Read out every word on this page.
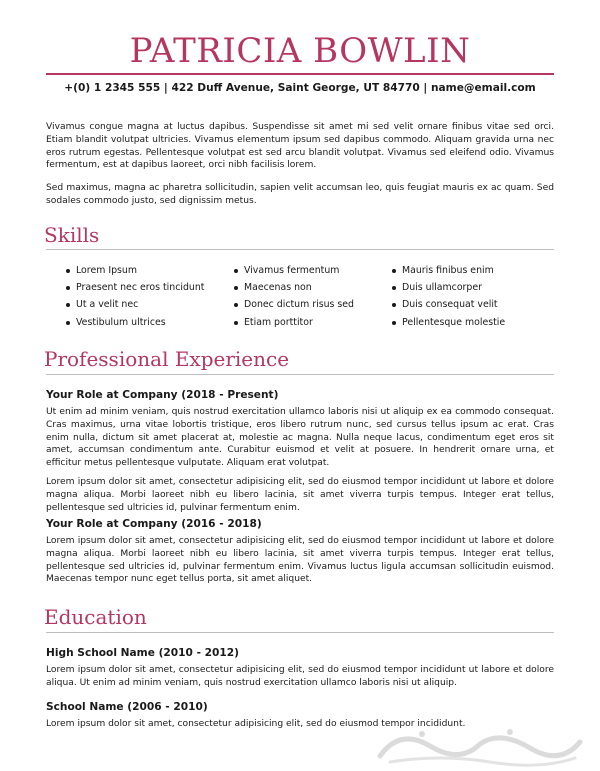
PATRICIA BOWLIN
+(0) 1 2345 555 | 422 Duff Avenue, Saint George, UT 84770 | name@email.com

Vivamus congue magna at luctus dapibus. Suspendisse sit amet mi sed velit ornare finibus vitae sed orci. Etiam blandit volutpat ultricies. Vivamus elementum ipsum sed dapibus commodo. Aliquam gravida urna nec eros rutrum egestas. Pellentesque volutpat est sed arcu blandit volutpat. Vivamus sed eleifend odio. Vivamus fermentum, est at dapibus laoreet, orci nibh facilisis lorem.

Sed maximus, magna ac pharetra sollicitudin, sapien velit accumsan leo, quis feugiat mauris ex ac quam. Sed sodales commodo justo, sed dignissim metus.

Skills
Lorem Ipsum	Vivamus fermentum	Mauris finibus enim
Praesent nec eros tincidunt	Maecenas non	Duis ullamcorper
Ut a velit nec	Donec dictum risus sed	Duis consequat velit
Vestibulum ultrices	Etiam porttitor	Pellentesque molestie
Professional Experience
Your Role at Company (2018 - Present)

Ut enim ad minim veniam, quis nostrud exercitation ullamco laboris nisi ut aliquip ex ea commodo consequat. Cras maximus, urna vitae lobortis tristique, eros libero rutrum nunc, sed cursus tellus ipsum ac erat. Cras enim nulla, dictum sit amet placerat at, molestie ac magna. Nulla neque lacus, condimentum eget eros sit amet, accumsan condimentum ante. Curabitur euismod et velit at posuere. In hendrerit ornare urna, et efficitur metus pellentesque vulputate. Aliquam erat volutpat.

Lorem ipsum dolor sit amet, consectetur adipisicing elit, sed do eiusmod tempor incididunt ut labore et dolore magna aliqua. Morbi laoreet nibh eu libero lacinia, sit amet viverra turpis tempus. Integer erat tellus, pellentesque sed ultricies id, pulvinar fermentum enim.

Your Role at Company (2016 - 2018)

Lorem ipsum dolor sit amet, consectetur adipisicing elit, sed do eiusmod tempor incididunt ut labore et dolore magna aliqua. Morbi laoreet nibh eu libero lacinia, sit amet viverra turpis tempus. Integer erat tellus, pellentesque sed ultricies id, pulvinar fermentum enim. Vivamus luctus ligula accumsan sollicitudin euismod. Maecenas tempor nunc eget tellus porta, sit amet aliquet.

Education
High School Name (2010 - 2012)

Lorem ipsum dolor sit amet, consectetur adipisicing elit, sed do eiusmod tempor incididunt ut labore et dolore aliqua. Ut enim ad minim veniam, quis nostrud exercitation ullamco laboris nisi ut aliquip.

School Name (2006 - 2010)

Lorem ipsum dolor sit amet, consectetur adipisicing elit, sed do eiusmod tempor incididunt.
